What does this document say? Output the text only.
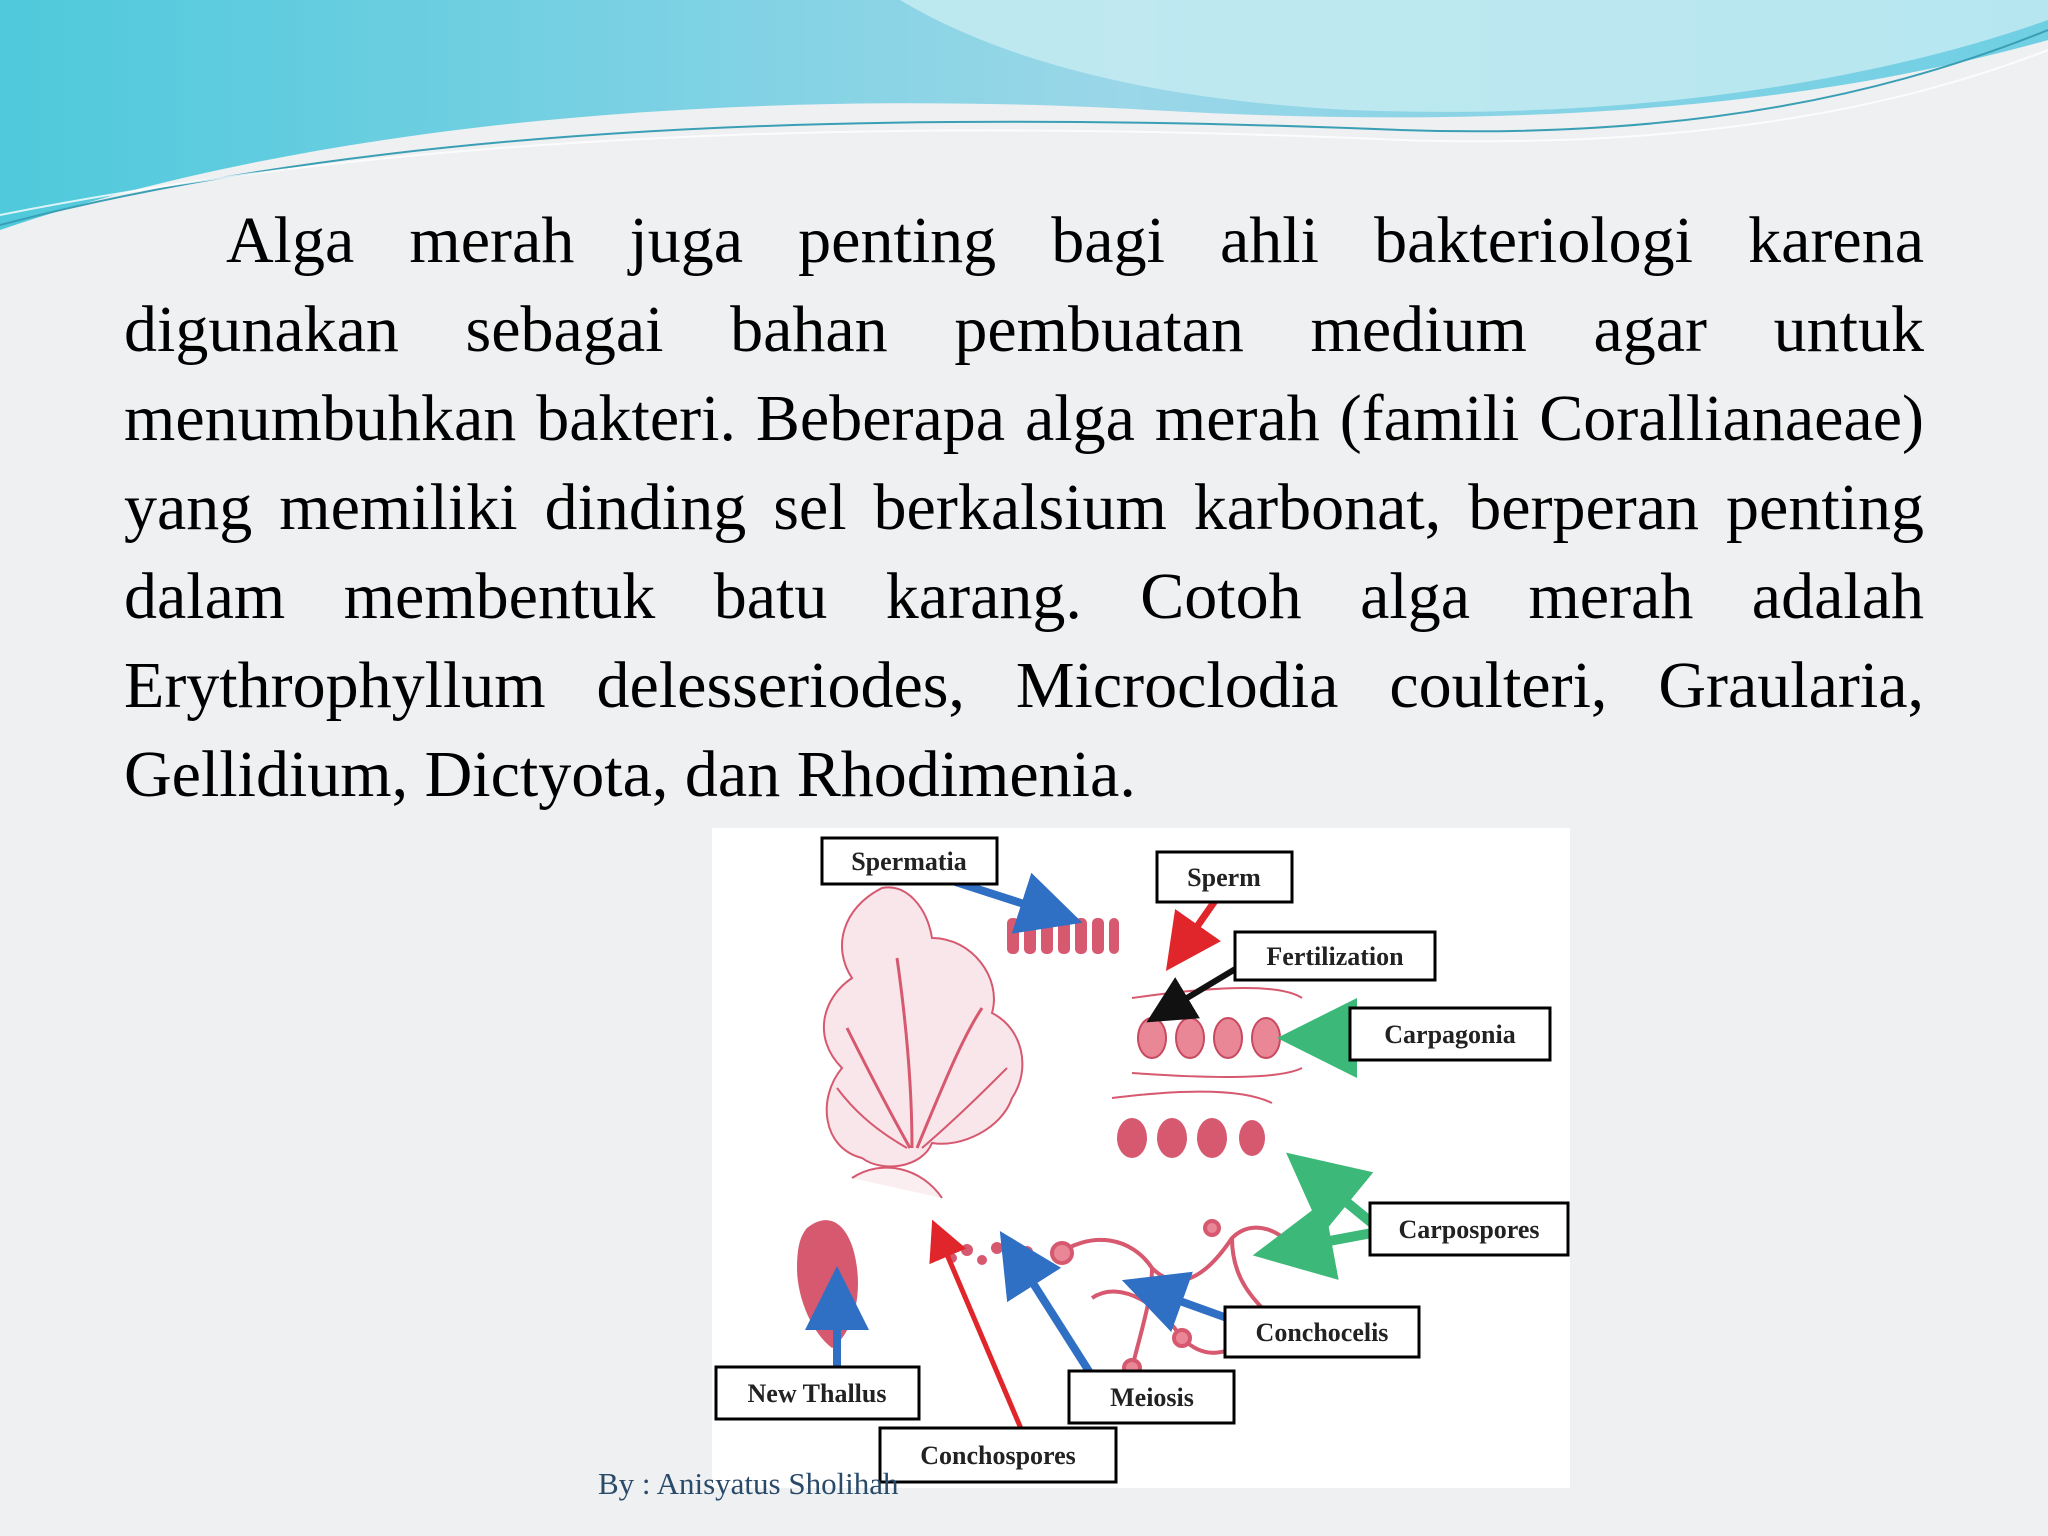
Alga merah juga penting bagi ahli bakteriologi karena digunakan sebagai bahan pembuatan medium agar untuk menumbuhkan bakteri. Beberapa alga merah (famili Corallianaeae) yang memiliki dinding sel berkalsium karbonat, berperan penting dalam membentuk batu karang. Cotoh alga merah adalah Erythrophyllum delesseriodes, Microclodia coulteri, Graularia, Gellidium, Dictyota, dan Rhodimenia.
Spermatia
Sperm
Fertilization
Carpagonia
Carpospores
Conchocelis
Meiosis
New Thallus
Conchospores
By : Anisyatus Sholihah
